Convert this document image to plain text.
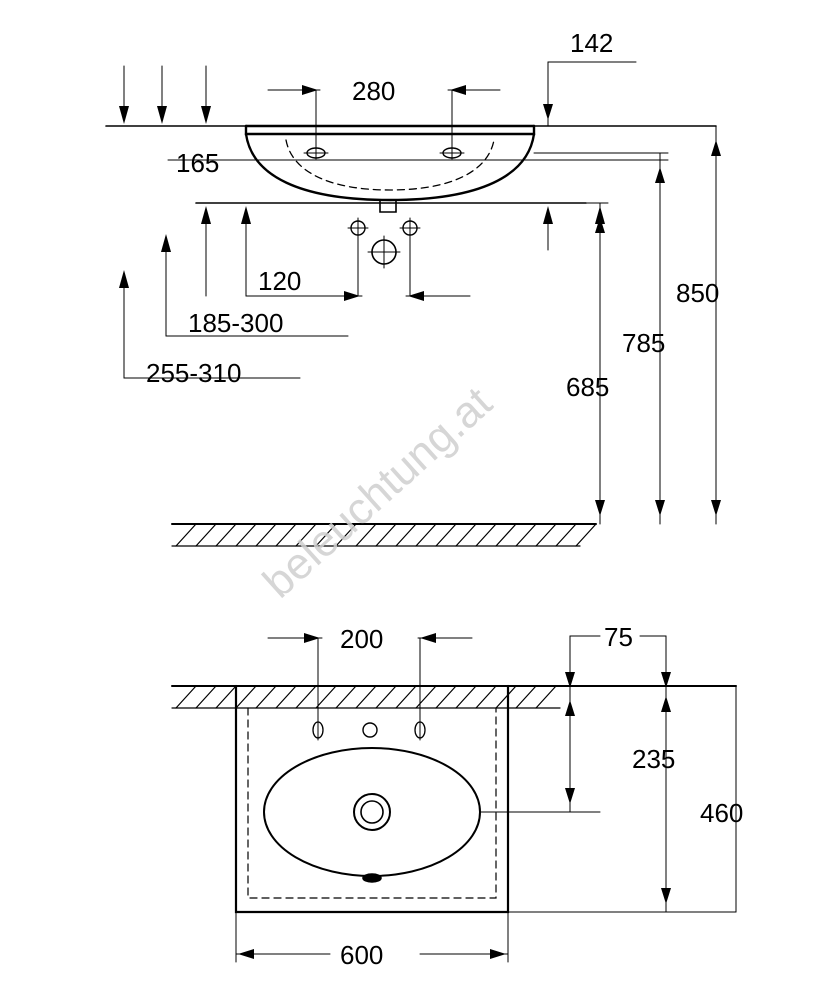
142
280
165
120
185-300
255-310
850
785
685
200	75
235
460
600
beleuchtung.at
